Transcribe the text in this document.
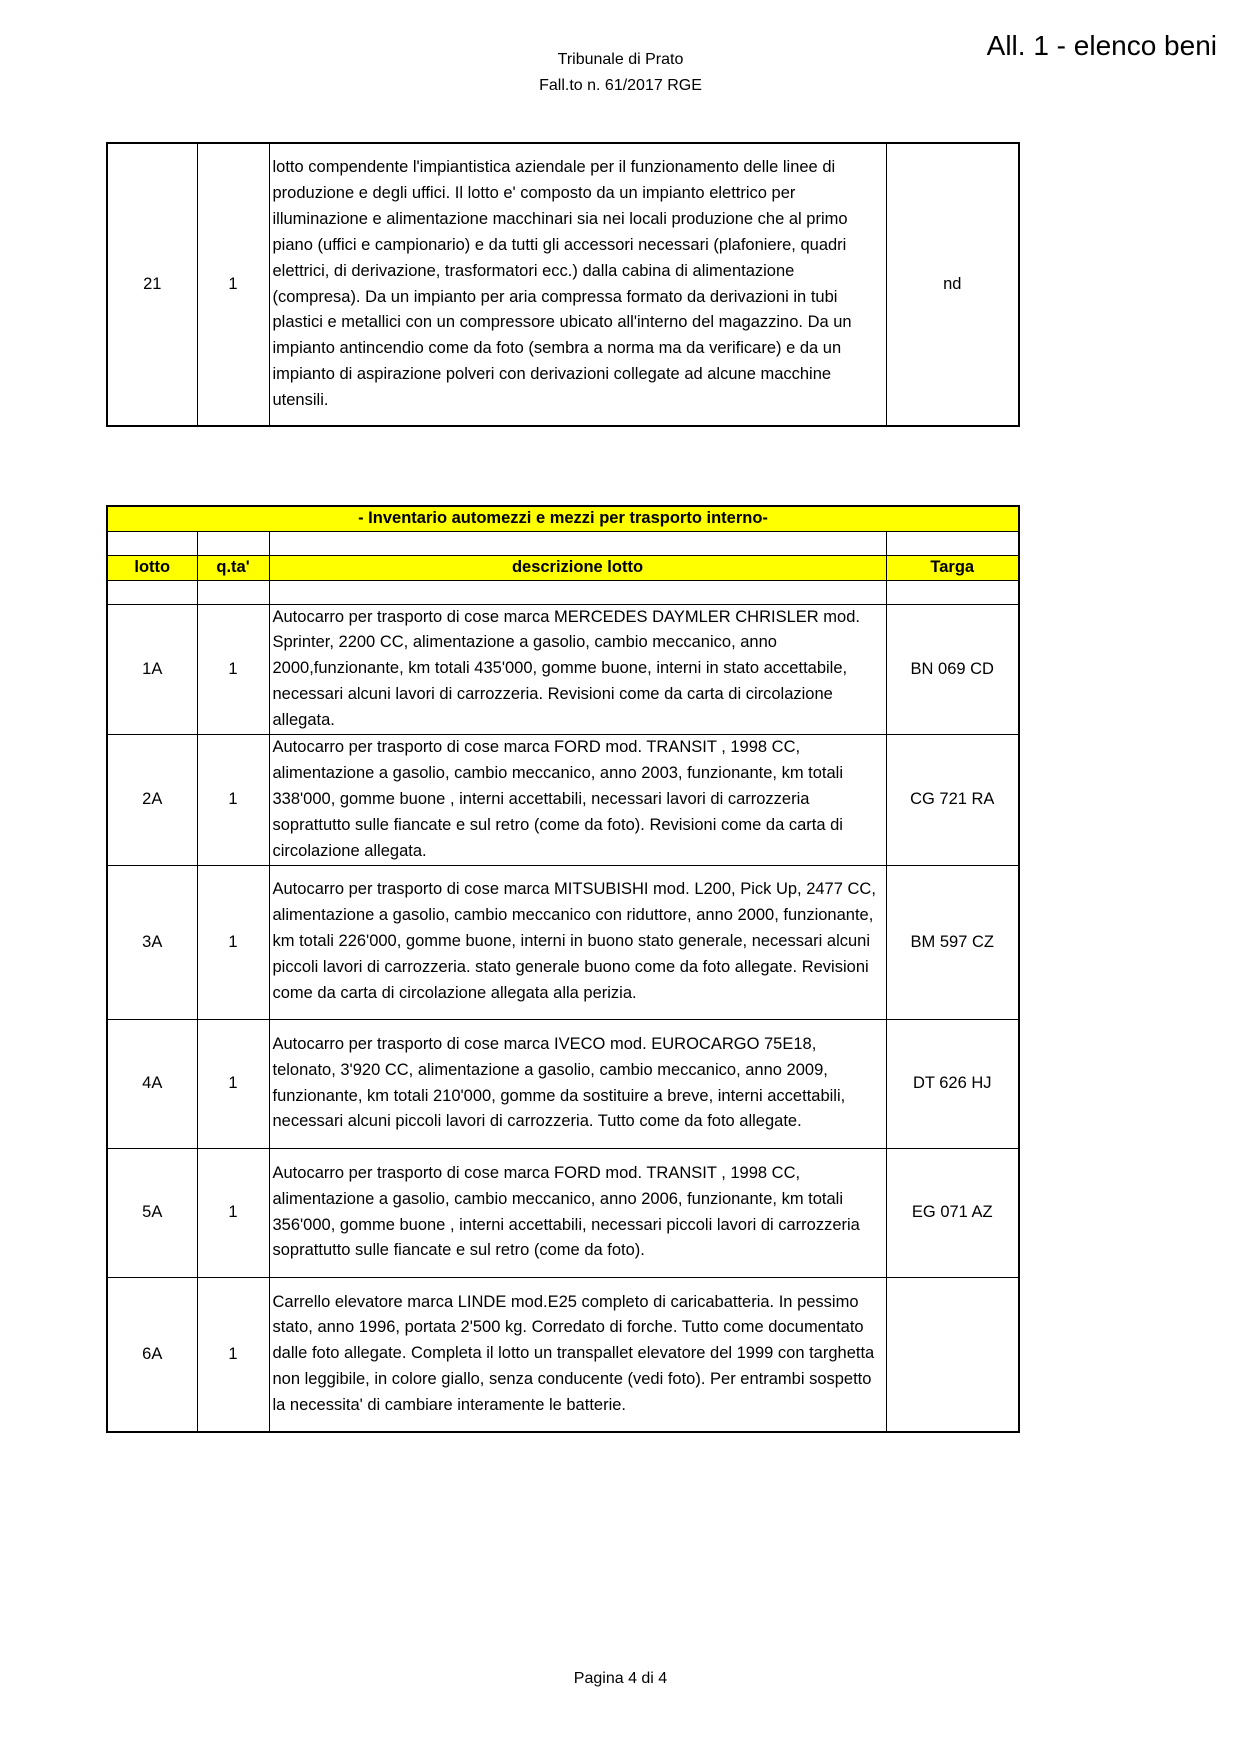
Tribunale di Prato
Fall.to n. 61/2017 RGE
All. 1 - elenco beni
21	1	lotto compendente l'impiantistica aziendale per il funzionamento delle linee di produzione e degli uffici. Il lotto e' composto da un impianto elettrico per illuminazione e alimentazione macchinari sia nei locali produzione che al primo piano (uffici e campionario) e da tutti gli accessori necessari (plafoniere, quadri elettrici, di derivazione, trasformatori ecc.) dalla cabina di alimentazione (compresa). Da un impianto per aria compressa formato da derivazioni in tubi plastici e metallici con un compressore ubicato all'interno del magazzino. Da un impianto antincendio come da foto (sembra a norma ma da verificare) e da un impianto di aspirazione polveri con derivazioni collegate ad alcune macchine utensili.	nd
- Inventario automezzi e mezzi per trasporto interno-			

lotto	q.ta'	descrizione lotto	Targa

1A	1	Autocarro per trasporto di cose marca MERCEDES DAYMLER CHRISLER mod. Sprinter, 2200 CC, alimentazione a gasolio, cambio meccanico, anno 2000,funzionante, km totali 435'000, gomme buone, interni in stato accettabile, necessari alcuni lavori di carrozzeria. Revisioni come da carta di circolazione allegata.	BN 069 CD
2A	1	Autocarro per trasporto di cose marca FORD mod. TRANSIT , 1998 CC, alimentazione a gasolio, cambio meccanico, anno 2003, funzionante, km totali 338'000, gomme buone , interni accettabili, necessari lavori di carrozzeria soprattutto sulle fiancate e sul retro (come da foto). Revisioni come da carta di circolazione allegata.	CG 721 RA
3A	1	Autocarro per trasporto di cose marca MITSUBISHI mod. L200, Pick Up, 2477 CC, alimentazione a gasolio, cambio meccanico con riduttore, anno 2000, funzionante, km totali 226'000, gomme buone, interni in buono stato generale, necessari alcuni piccoli lavori di carrozzeria. stato generale buono come da foto allegate. Revisioni come da carta di circolazione allegata alla perizia.	BM 597 CZ
4A	1	Autocarro per trasporto di cose marca IVECO mod. EUROCARGO 75E18, telonato, 3'920 CC, alimentazione a gasolio, cambio meccanico, anno 2009, funzionante, km totali 210'000, gomme da sostituire a breve, interni accettabili, necessari alcuni piccoli lavori di carrozzeria. Tutto come da foto allegate.	DT 626 HJ
5A	1	Autocarro per trasporto di cose marca FORD mod. TRANSIT , 1998 CC, alimentazione a gasolio, cambio meccanico, anno 2006, funzionante, km totali 356'000, gomme buone , interni accettabili, necessari piccoli lavori di carrozzeria soprattutto sulle fiancate e sul retro (come da foto).	EG 071 AZ
6A	1	Carrello elevatore marca LINDE mod.E25 completo di caricabatteria. In pessimo stato, anno 1996, portata 2'500 kg. Corredato di forche. Tutto come documentato dalle foto allegate. Completa il lotto un transpallet elevatore del 1999 con targhetta non leggibile, in colore giallo, senza conducente (vedi foto). Per entrambi sospetto la necessita' di cambiare interamente le batterie.	
Pagina 4 di 4
